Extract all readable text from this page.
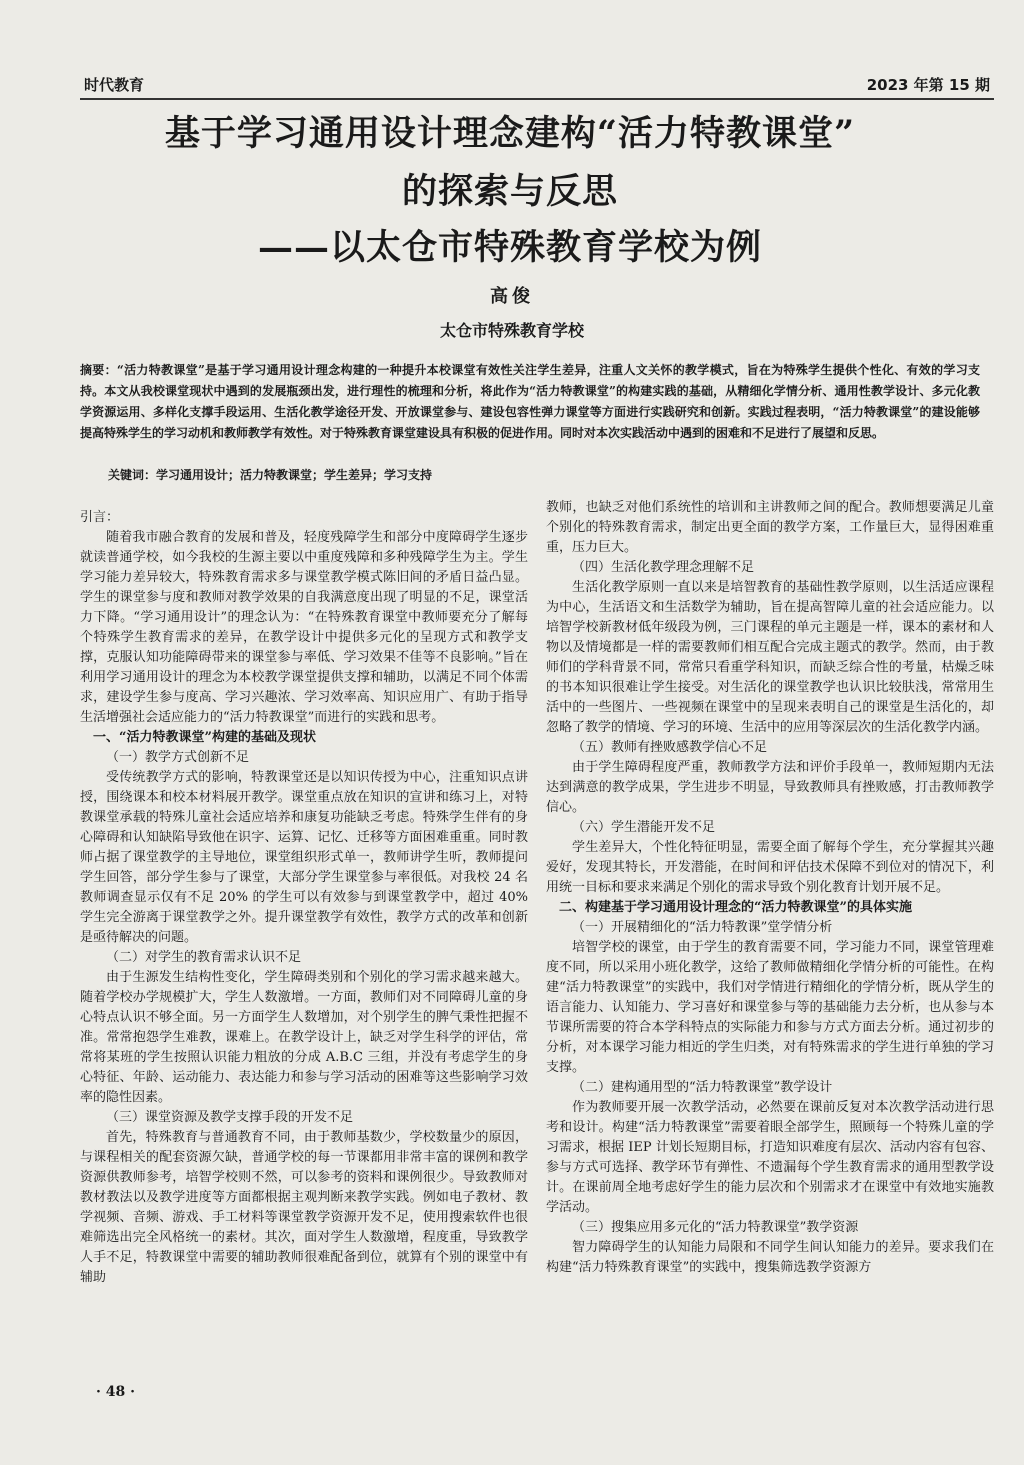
时代教育	2023 年第 15 期
基于学习通用设计理念建构“活力特教课堂”
的探索与反思
——以太仓市特殊教育学校为例
高俊
太仓市特殊教育学校
摘要：“活力特教课堂”是基于学习通用设计理念构建的一种提升本校课堂有效性关注学生差异，注重人文关怀的教学模式，旨在为特殊学生提供个性化、有效的学习支持。本文从我校课堂现状中遇到的发展瓶颈出发，进行理性的梳理和分析，将此作为“活力特教课堂”的构建实践的基础，从精细化学情分析、通用性教学设计、多元化教学资源运用、多样化支撑手段运用、生活化教学途径开发、开放课堂参与、建设包容性弹力课堂等方面进行实践研究和创新。实践过程表明，“活力特教课堂”的建设能够提高特殊学生的学习动机和教师教学有效性。对于特殊教育课堂建设具有积极的促进作用。同时对本次实践活动中遇到的困难和不足进行了展望和反思。
关键词：学习通用设计；活力特教课堂；学生差异；学习支持

引言：

随着我市融合教育的发展和普及，轻度残障学生和部分中度障碍学生逐步就读普通学校，如今我校的生源主要以中重度残障和多种残障学生为主。学生学习能力差异较大，特殊教育需求多与课堂教学模式陈旧间的矛盾日益凸显。学生的课堂参与度和教师对教学效果的自我满意度出现了明显的不足，课堂活力下降。“学习通用设计”的理念认为：“在特殊教育课堂中教师要充分了解每个特殊学生教育需求的差异，在教学设计中提供多元化的呈现方式和教学支撑，克服认知功能障碍带来的课堂参与率低、学习效果不佳等不良影响。”旨在利用学习通用设计的理念为本校教学课堂提供支撑和辅助，以满足不同个体需求，建设学生参与度高、学习兴趣浓、学习效率高、知识应用广、有助于指导生活增强社会适应能力的“活力特教课堂”而进行的实践和思考。

一、“活力特教课堂”构建的基础及现状

（一）教学方式创新不足

受传统教学方式的影响，特教课堂还是以知识传授为中心，注重知识点讲授，围绕课本和校本材料展开教学。课堂重点放在知识的宣讲和练习上，对特教课堂承载的特殊儿童社会适应培养和康复功能缺乏考虑。特殊学生伴有的身心障碍和认知缺陷导致他在识字、运算、记忆、迁移等方面困难重重。同时教师占据了课堂教学的主导地位，课堂组织形式单一，教师讲学生听，教师提问学生回答，部分学生参与了课堂，大部分学生课堂参与率很低。对我校 24 名教师调查显示仅有不足 20% 的学生可以有效参与到课堂教学中，超过 40% 学生完全游离于课堂教学之外。提升课堂教学有效性，教学方式的改革和创新是亟待解决的问题。

（二）对学生的教育需求认识不足

由于生源发生结构性变化，学生障碍类别和个别化的学习需求越来越大。随着学校办学规模扩大，学生人数激增。一方面，教师们对不同障碍儿童的身心特点认识不够全面。另一方面学生人数增加，对个别学生的脾气秉性把握不准。常常抱怨学生难教，课难上。在教学设计上，缺乏对学生科学的评估，常常将某班的学生按照认识能力粗放的分成 A.B.C 三组，并没有考虑学生的身心特征、年龄、运动能力、表达能力和参与学习活动的困难等这些影响学习效率的隐性因素。

（三）课堂资源及教学支撑手段的开发不足

首先，特殊教育与普通教育不同，由于教师基数少，学校数量少的原因，与课程相关的配套资源欠缺，普通学校的每一节课都用非常丰富的课例和教学资源供教师参考，培智学校则不然，可以参考的资料和课例很少。导致教师对教材教法以及教学进度等方面都根据主观判断来教学实践。例如电子教材、教学视频、音频、游戏、手工材料等课堂教学资源开发不足，使用搜索软件也很难筛选出完全风格统一的素材。其次，面对学生人数激增，程度重，导致教学人手不足，特教课堂中需要的辅助教师很难配备到位，就算有个别的课堂中有辅助

教师，也缺乏对他们系统性的培训和主讲教师之间的配合。教师想要满足儿童个别化的特殊教育需求，制定出更全面的教学方案，工作量巨大，显得困难重重，压力巨大。

（四）生活化教学理念理解不足

生活化教学原则一直以来是培智教育的基础性教学原则，以生活适应课程为中心，生活语文和生活数学为辅助，旨在提高智障儿童的社会适应能力。以培智学校新教材低年级段为例，三门课程的单元主题是一样，课本的素材和人物以及情境都是一样的需要教师们相互配合完成主题式的教学。然而，由于教师们的学科背景不同，常常只看重学科知识，而缺乏综合性的考量，枯燥乏味的书本知识很难让学生接受。对生活化的课堂教学也认识比较肤浅，常常用生活中的一些图片、一些视频在课堂中的呈现来表明自己的课堂是生活化的，却忽略了教学的情境、学习的环境、生活中的应用等深层次的生活化教学内涵。

（五）教师有挫败感教学信心不足

由于学生障碍程度严重，教师教学方法和评价手段单一，教师短期内无法达到满意的教学成果，学生进步不明显，导致教师具有挫败感，打击教师教学信心。

（六）学生潜能开发不足

学生差异大，个性化特征明显，需要全面了解每个学生，充分掌握其兴趣爱好，发现其特长，开发潜能，在时间和评估技术保障不到位对的情况下，利用统一目标和要求来满足个别化的需求导致个别化教育计划开展不足。

二、构建基于学习通用设计理念的“活力特教课堂”的具体实施

（一）开展精细化的“活力特教课”堂学情分析

培智学校的课堂，由于学生的教育需要不同，学习能力不同，课堂管理难度不同，所以采用小班化教学，这给了教师做精细化学情分析的可能性。在构建“活力特教课堂”的实践中，我们对学情进行精细化的学情分析，既从学生的语言能力、认知能力、学习喜好和课堂参与等的基础能力去分析，也从参与本节课所需要的符合本学科特点的实际能力和参与方式方面去分析。通过初步的分析，对本课学习能力相近的学生归类，对有特殊需求的学生进行单独的学习支撑。

（二）建构通用型的“活力特教课堂”教学设计

作为教师要开展一次教学活动，必然要在课前反复对本次教学活动进行思考和设计。构建“活力特教课堂”需要着眼全部学生，照顾每一个特殊儿童的学习需求，根据 IEP 计划长短期目标，打造知识难度有层次、活动内容有包容、参与方式可选择、教学环节有弹性、不遗漏每个学生教育需求的通用型教学设计。在课前周全地考虑好学生的能力层次和个别需求才在课堂中有效地实施教学活动。

（三）搜集应用多元化的“活力特教课堂”教学资源

智力障碍学生的认知能力局限和不同学生间认知能力的差异。要求我们在构建“活力特殊教育课堂”的实践中，搜集筛选教学资源方

· 48 ·
